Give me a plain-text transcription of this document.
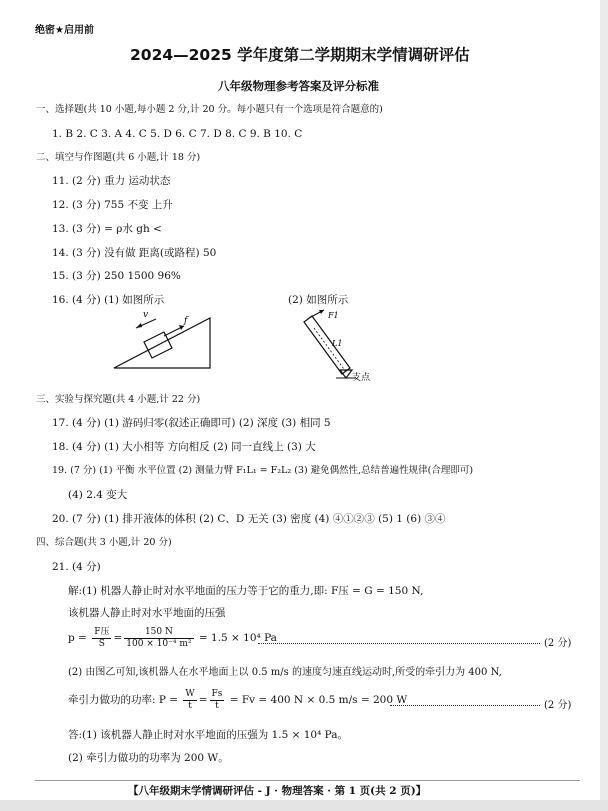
绝密★启用前
2024—2025 学年度第二学期期末学情调研评估
八年级物理参考答案及评分标准
一、选择题(共 10 小题,每小题 2 分,计 20 分。每小题只有一个选项是符合题意的)
1. B 2. C 3. A 4. C 5. D 6. C 7. D 8. C 9. B 10. C
二、填空与作图题(共 6 小题,计 18 分)
11. (2 分) 重力 运动状态
12. (3 分) 755 不变 上升
13. (3 分) = ρ水 gh <
14. (3 分) 没有做 距离(或路程) 50
15. (3 分) 250 1500 96%
16. (4 分) (1) 如图所示	(2) 如图所示
v
f
F1
L1
支点
三、实验与探究题(共 4 小题,计 22 分)
17. (4 分) (1) 游码归零(叙述正确即可) (2) 深度 (3) 相同 5
18. (4 分) (1) 大小相等 方向相反 (2) 同一直线上 (3) 大
19. (7 分) (1) 平衡 水平位置 (2) 测量力臂 F₁L₁ = F₂L₂ (3) 避免偶然性,总结普遍性规律(合理即可)
(4) 2.4 变大
20. (7 分) (1) 排开液体的体积 (2) C、D 无关 (3) 密度 (4) ④①②③ (5) 1 (6) ③④
四、综合题(共 3 小题,计 20 分)
21. (4 分)
解:(1) 机器人静止时对水平地面的压力等于它的重力,即: F压 = G = 150 N,
该机器人静止时对水平地面的压强
$p = \frac{\text{F压}}{S} = \frac{150 N}{\text{100 × 10⁻⁴ m²}} = 1.5 \times 10^4$ Pa	(2 分)
(2) 由图乙可知,该机器人在水平地面上以 0.5 m/s 的速度匀速直线运动时,所受的牵引力为 400 N,
牵引力做功的功率: $P = \frac{W}{t} = \frac{Fs}{t} = Fv = 400$ N × 0.5 m/s = 200 W	(2 分)
答:(1) 该机器人静止时对水平地面的压强为 1.5 × 10⁴ Pa。
(2) 牵引力做功的功率为 200 W。
【八年级期末学情调研评估 - J · 物理答案 · 第 1 页(共 2 页)】
